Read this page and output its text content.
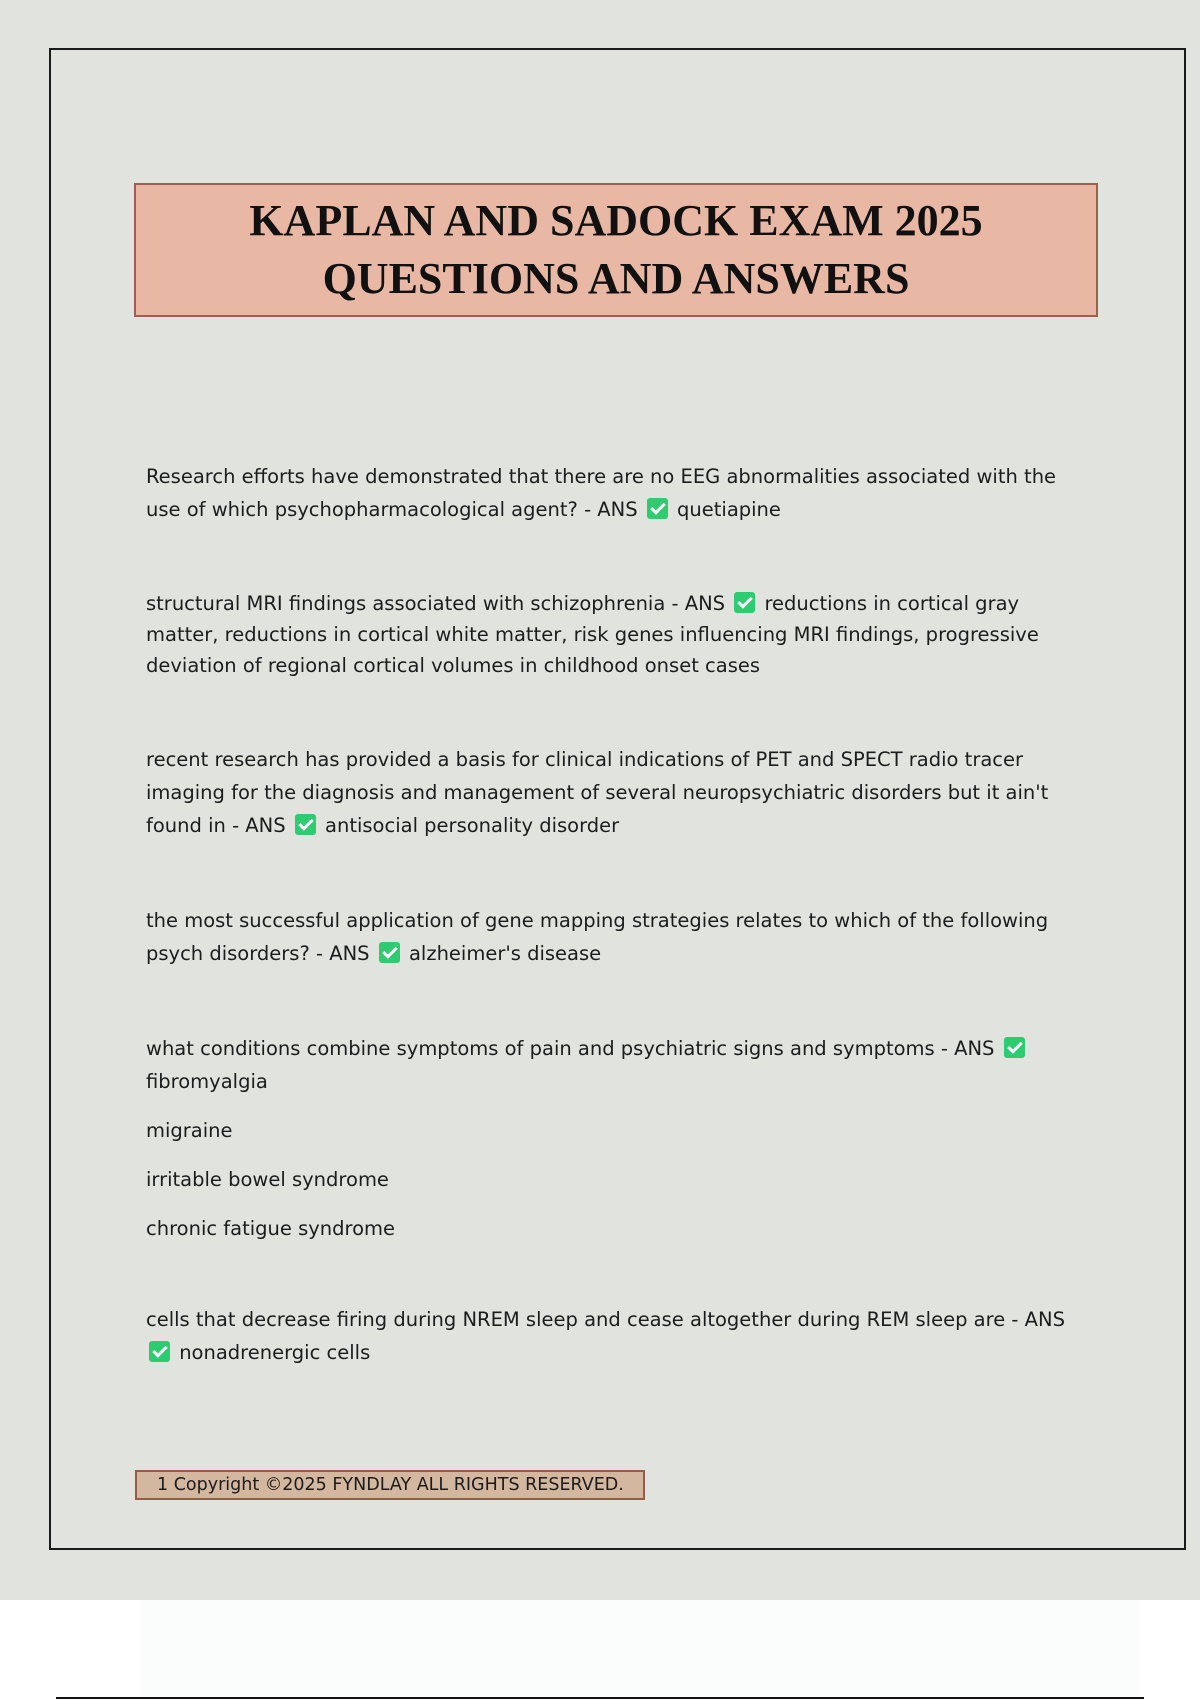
KAPLAN AND SADOCK EXAM 2025
QUESTIONS AND ANSWERS

Research efforts have demonstrated that there are no EEG abnormalities associated with the use of which psychopharmacological agent? - ANS quetiapine

structural MRI findings associated with schizophrenia - ANS reductions in cortical gray matter, reductions in cortical white matter, risk genes influencing MRI findings, progressive deviation of regional cortical volumes in childhood onset cases

recent research has provided a basis for clinical indications of PET and SPECT radio tracer imaging for the diagnosis and management of several neuropsychiatric disorders but it ain't found in - ANS antisocial personality disorder

the most successful application of gene mapping strategies relates to which of the following psych disorders? - ANS alzheimer's disease

what conditions combine symptoms of pain and psychiatric signs and symptoms - ANS  fibromyalgia
migraine
irritable bowel syndrome
chronic fatigue syndrome

cells that decrease firing during NREM sleep and cease altogether during REM sleep are - ANS  nonadrenergic cells

1 Copyright ©2025 FYNDLAY ALL RIGHTS RESERVED.
